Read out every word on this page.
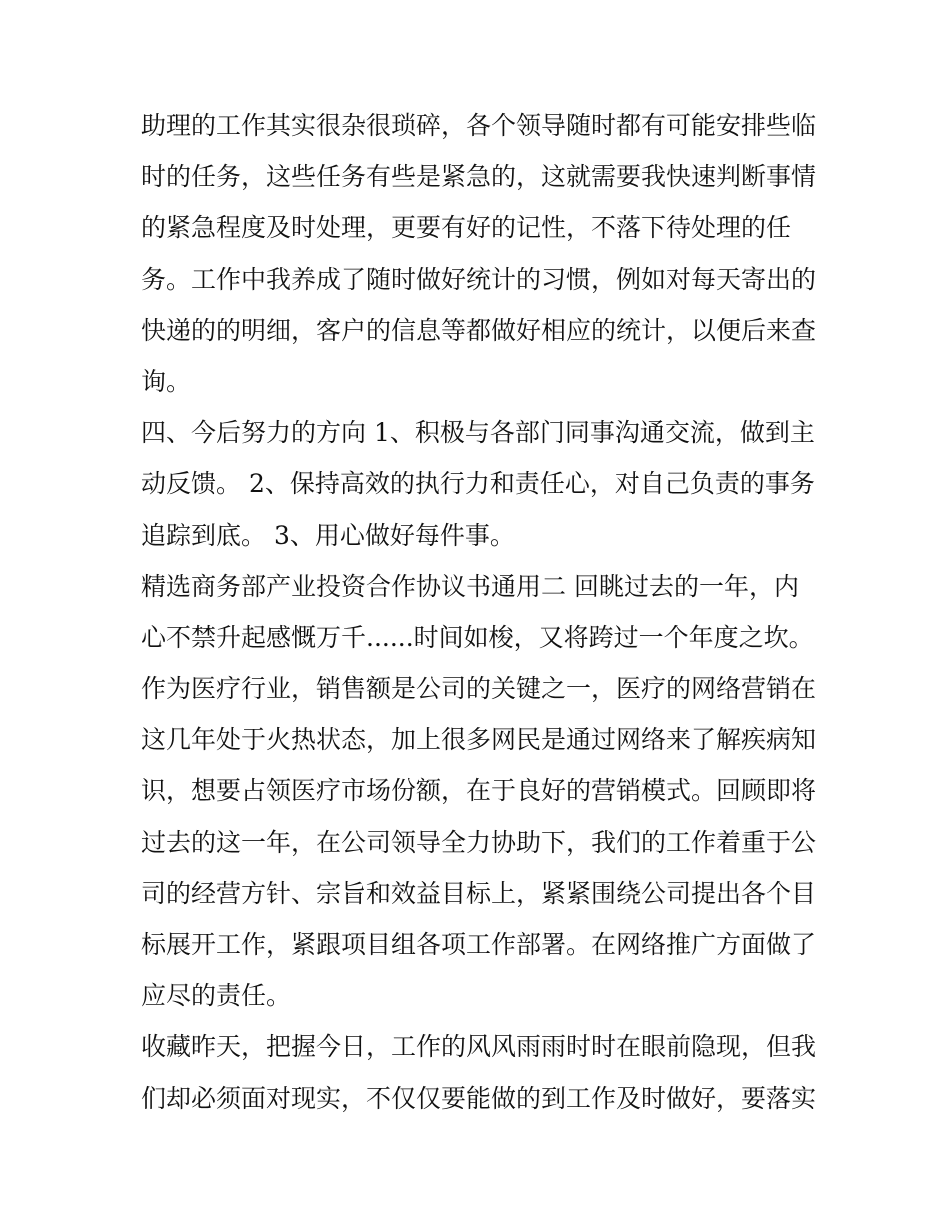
助理的工作其实很杂很琐碎，各个领导随时都有可能安排些临
时的任务，这些任务有些是紧急的，这就需要我快速判断事情
的紧急程度及时处理，更要有好的记性，不落下待处理的任
务。工作中我养成了随时做好统计的习惯，例如对每天寄出的
快递的的明细，客户的信息等都做好相应的统计，以便后来查
询。
四、今后努力的方向 1、积极与各部门同事沟通交流，做到主
动反馈。 2、保持高效的执行力和责任心，对自己负责的事务
追踪到底。 3、用心做好每件事。
精选商务部产业投资合作协议书通用二 回眺过去的一年，内
心不禁升起感慨万千......时间如梭，又将跨过一个年度之坎。
作为医疗行业，销售额是公司的关键之一，医疗的网络营销在
这几年处于火热状态，加上很多网民是通过网络来了解疾病知
识，想要占领医疗市场份额，在于良好的营销模式。回顾即将
过去的这一年，在公司领导全力协助下，我们的工作着重于公
司的经营方针、宗旨和效益目标上，紧紧围绕公司提出各个目
标展开工作，紧跟项目组各项工作部署。在网络推广方面做了
应尽的责任。
收藏昨天，把握今日，工作的风风雨雨时时在眼前隐现，但我
们却必须面对现实，不仅仅要能做的到工作及时做好，要落实
